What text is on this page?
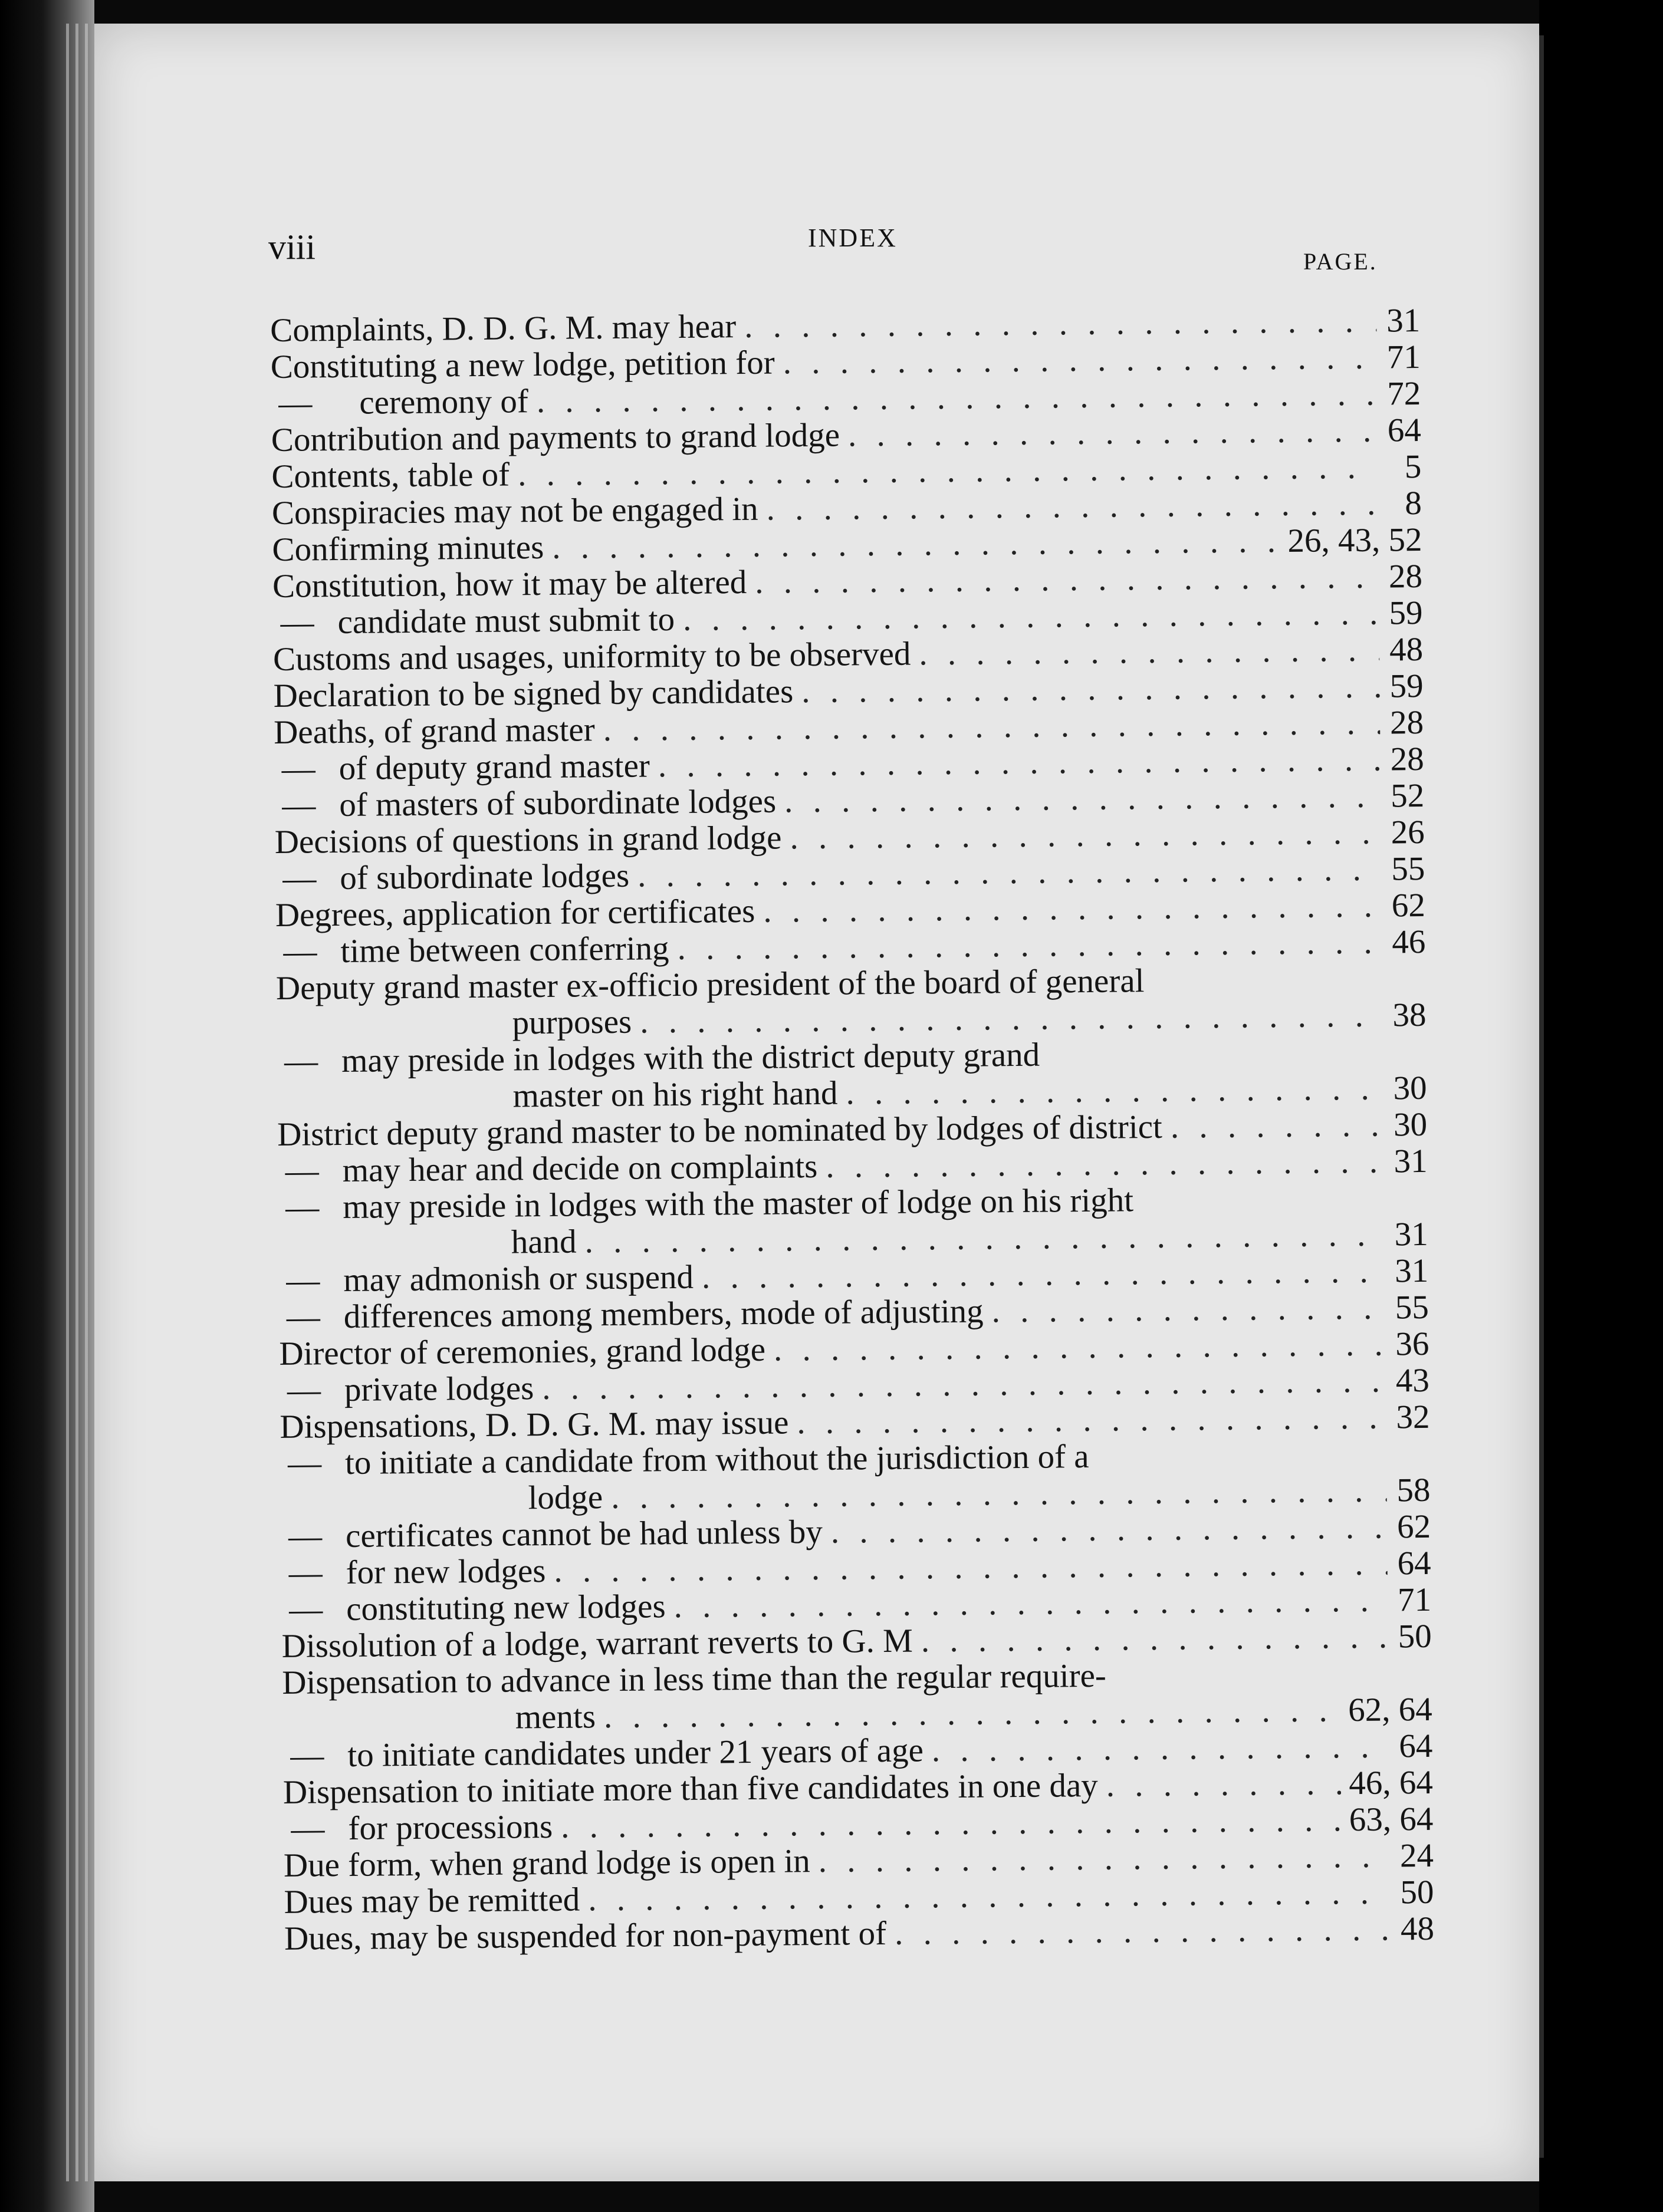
viii	INDEX
PAGE.
Complaints, D. D. G. M. may hear . . .	31
Constituting a new lodge, petition for . . .	71
—	ceremony of . . .	72
Contribution and payments to grand lodge . . .	64
Contents, table of . . .	5
Conspiracies may not be engaged in . . .	8
Confirming minutes . . .	26, 43, 52
Constitution, how it may be altered . . .	28
— candidate must submit to . . .	59
Customs and usages, uniformity to be observed . . .	48
Declaration to be signed by candidates . . .	59
Deaths, of grand master . . .	28
— of deputy grand master . . .	28
— of masters of subordinate lodges . . .	52
Decisions of questions in grand lodge . . .	26
— of subordinate lodges . . .	55
Degrees, application for certificates . . .	62
— time between conferring . . .	46
Deputy grand master ex-officio president of the board of general
purposes . . .	38
— may preside in lodges with the district deputy grand
master on his right hand . . .	30
District deputy grand master to be nominated by lodges of district . . .	30
— may hear and decide on complaints . . .	31
— may preside in lodges with the master of lodge on his right
hand . . .	31
— may admonish or suspend . . .	31
— differences among members, mode of adjusting . . .	55
Director of ceremonies, grand lodge . . .	36
— private lodges . . .	43
Dispensations, D. D. G. M. may issue . . .	32
— to initiate a candidate from without the jurisdiction of a
lodge . . .	58
— certificates cannot be had unless by . . .	62
— for new lodges . . .	64
— constituting new lodges . . .	71
Dissolution of a lodge, warrant reverts to G. M . . .	50
Dispensation to advance in less time than the regular require-
ments . . .	62, 64
— to initiate candidates under 21 years of age . . .	64
Dispensation to initiate more than five candidates in one day . . .	46, 64
— for processions . . .	63, 64
Due form, when grand lodge is open in . . .	24
Dues may be remitted . . .	50
Dues, may be suspended for non-payment of . . .	48
